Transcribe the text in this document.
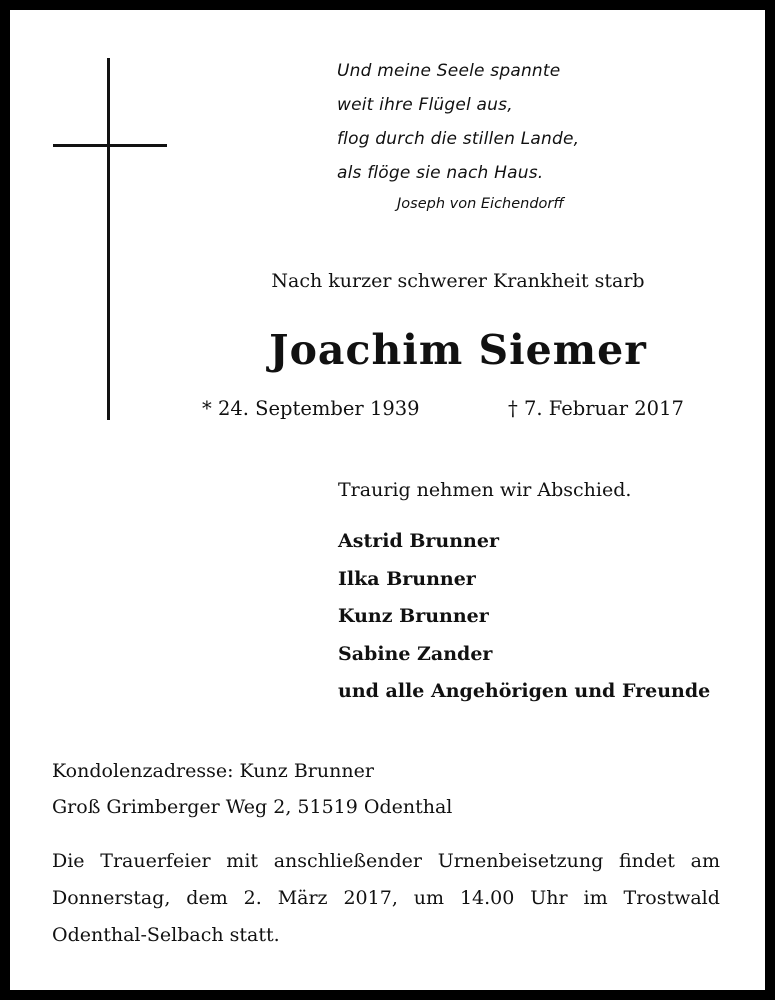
Und meine Seele spannte
weit ihre Flügel aus,
flog durch die stillen Lande,
als flöge sie nach Haus.
Joseph von Eichendorff
Nach kurzer schwerer Krankheit starb
Joachim Siemer
* 24. September 1939	† 7. Februar 2017
Traurig nehmen wir Abschied.
Astrid Brunner
Ilka Brunner
Kunz Brunner
Sabine Zander
und alle Angehörigen und Freunde
Kondolenzadresse: Kunz Brunner
Groß Grimberger Weg 2, 51519 Odenthal
Die Trauerfeier mit anschließender Urnenbeisetzung findet am
Donnerstag, dem 2. März 2017, um 14.00 Uhr im Trostwald
Odenthal-Selbach statt.
